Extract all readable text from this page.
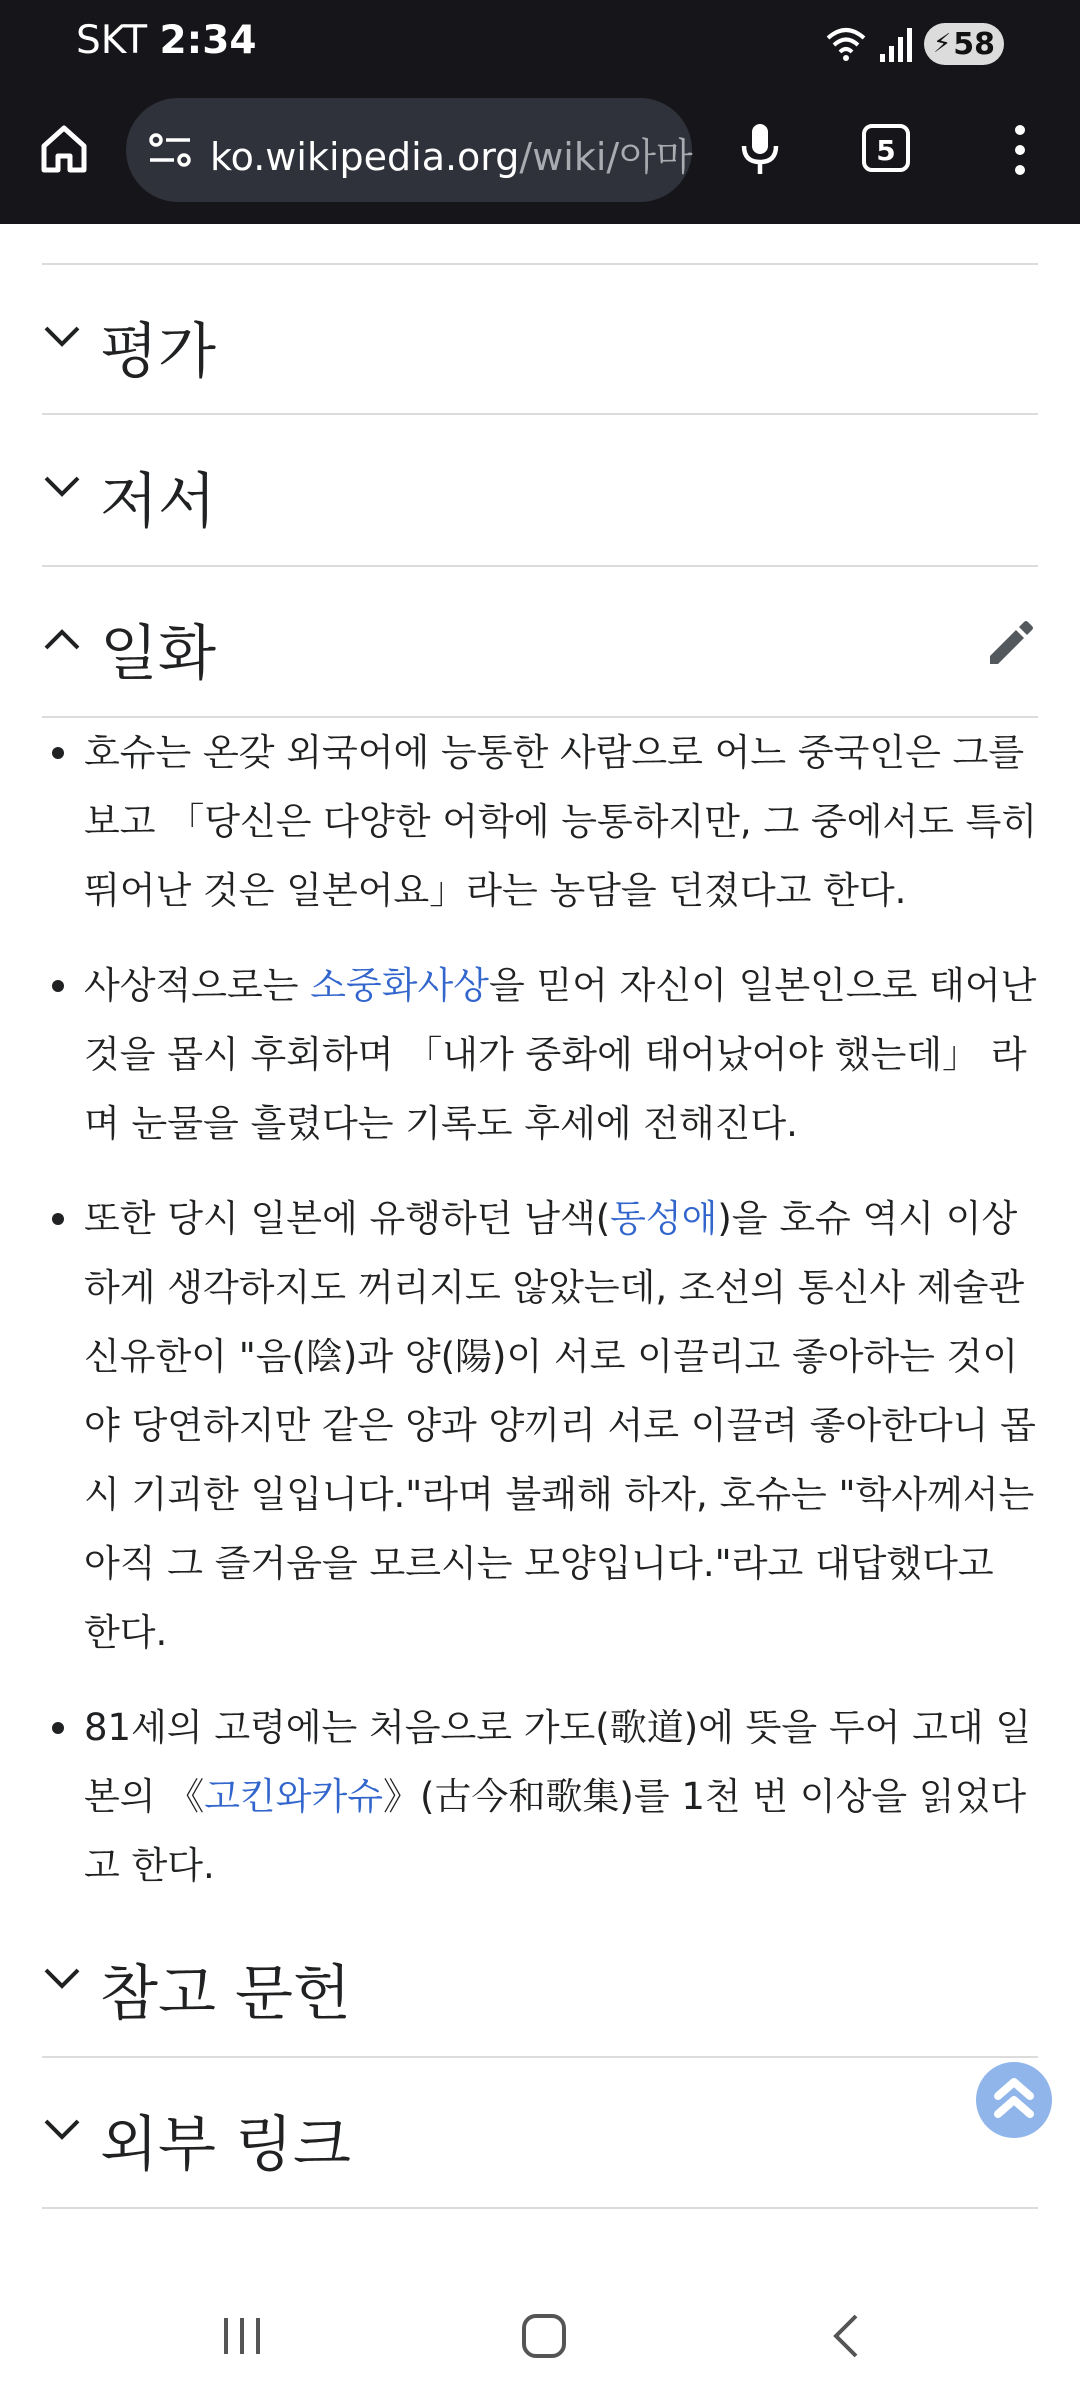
SKT 2:34	⚡ 58
ko.wikipedia.org/wiki/아마	5
평가
저서
일화
호슈는 온갖 외국어에 능통한 사람으로 어느 중국인은 그를 보고 「당신은 다양한 어학에 능통하지만, 그 중에서도 특히 뛰어난 것은 일본어요」라는 농담을 던졌다고 한다.
사상적으로는 소중화사상을 믿어 자신이 일본인으로 태어난 것을 몹시 후회하며 「내가 중화에 태어났어야 했는데」 라며 눈물을 흘렸다는 기록도 후세에 전해진다.
또한 당시 일본에 유행하던 남색(동성애)을 호슈 역시 이상하게 생각하지도 꺼리지도 않았는데, 조선의 통신사 제술관 신유한이 "음(陰)과 양(陽)이 서로 이끌리고 좋아하는 것이야 당연하지만 같은 양과 양끼리 서로 이끌려 좋아한다니 몹시 기괴한 일입니다."라며 불쾌해 하자, 호슈는 "학사께서는 아직 그 즐거움을 모르시는 모양입니다."라고 대답했다고 한다.
81세의 고령에는 처음으로 가도(歌道)에 뜻을 두어 고대 일본의 《고킨와카슈》(古今和歌集)를 1천 번 이상을 읽었다고 한다.
참고 문헌
외부 링크
